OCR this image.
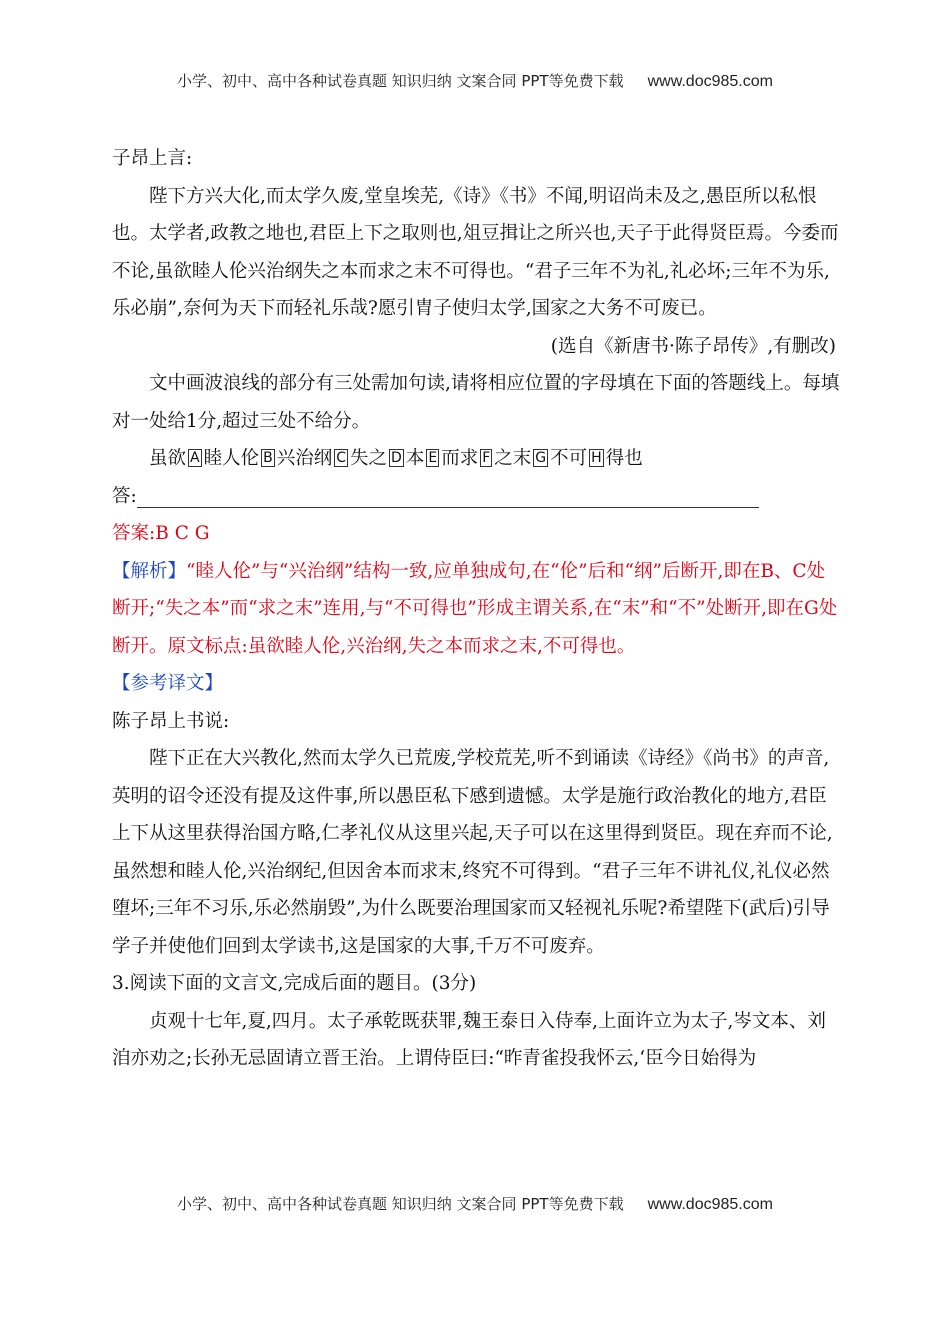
小学、初中、高中各种试卷真题 知识归纳 文案合同 PPT等免费下载 www.doc985.com

子昂上言:

陛下方兴大化,而太学久废,堂皇埃芜,《诗》《书》不闻,明诏尚未及之,愚臣所以私恨也。太学者,政教之地也,君臣上下之取则也,俎豆揖让之所兴也,天子于此得贤臣焉。今委而不论,虽欲睦人伦兴治纲失之本而求之末不可得也。“君子三年不为礼,礼必坏;三年不为乐,乐必崩”,奈何为天下而轻礼乐哉?愿引胄子使归太学,国家之大务不可废已。

(选自《新唐书·陈子昂传》,有删改)

文中画波浪线的部分有三处需加句读,请将相应位置的字母填在下面的答题线上。每填对一处给1分,超过三处不给分。

虽欲 A 睦人伦 B 兴治纲 C 失之 D 本 E 而求 F 之末 G 不可 H 得也

答:

答案:B C G

【解析】“睦人伦”与“兴治纲”结构一致,应单独成句,在“伦”后和“纲”后断开,即在B、C处断开;“失之本”而“求之末”连用,与“不可得也”形成主谓关系,在“末”和“不”处断开,即在G处断开。原文标点:虽欲睦人伦,兴治纲,失之本而求之末,不可得也。

【参考译文】

陈子昂上书说:

陛下正在大兴教化,然而太学久已荒废,学校荒芜,听不到诵读《诗经》《尚书》的声音,英明的诏令还没有提及这件事,所以愚臣私下感到遗憾。太学是施行政治教化的地方,君臣上下从这里获得治国方略,仁孝礼仪从这里兴起,天子可以在这里得到贤臣。现在弃而不论,虽然想和睦人伦,兴治纲纪,但因舍本而求末,终究不可得到。“君子三年不讲礼仪,礼仪必然堕坏;三年不习乐,乐必然崩毁”,为什么既要治理国家而又轻视礼乐呢?希望陛下(武后)引导学子并使他们回到太学读书,这是国家的大事,千万不可废弃。

3.阅读下面的文言文,完成后面的题目。(3分)

贞观十七年,夏,四月。太子承乾既获罪,魏王泰日入侍奉,上面许立为太子,岑文本、刘洎亦劝之;长孙无忌固请立晋王治。上谓侍臣曰:“昨青雀投我怀云,‘臣今日始得为

小学、初中、高中各种试卷真题 知识归纳 文案合同 PPT等免费下载 www.doc985.com
